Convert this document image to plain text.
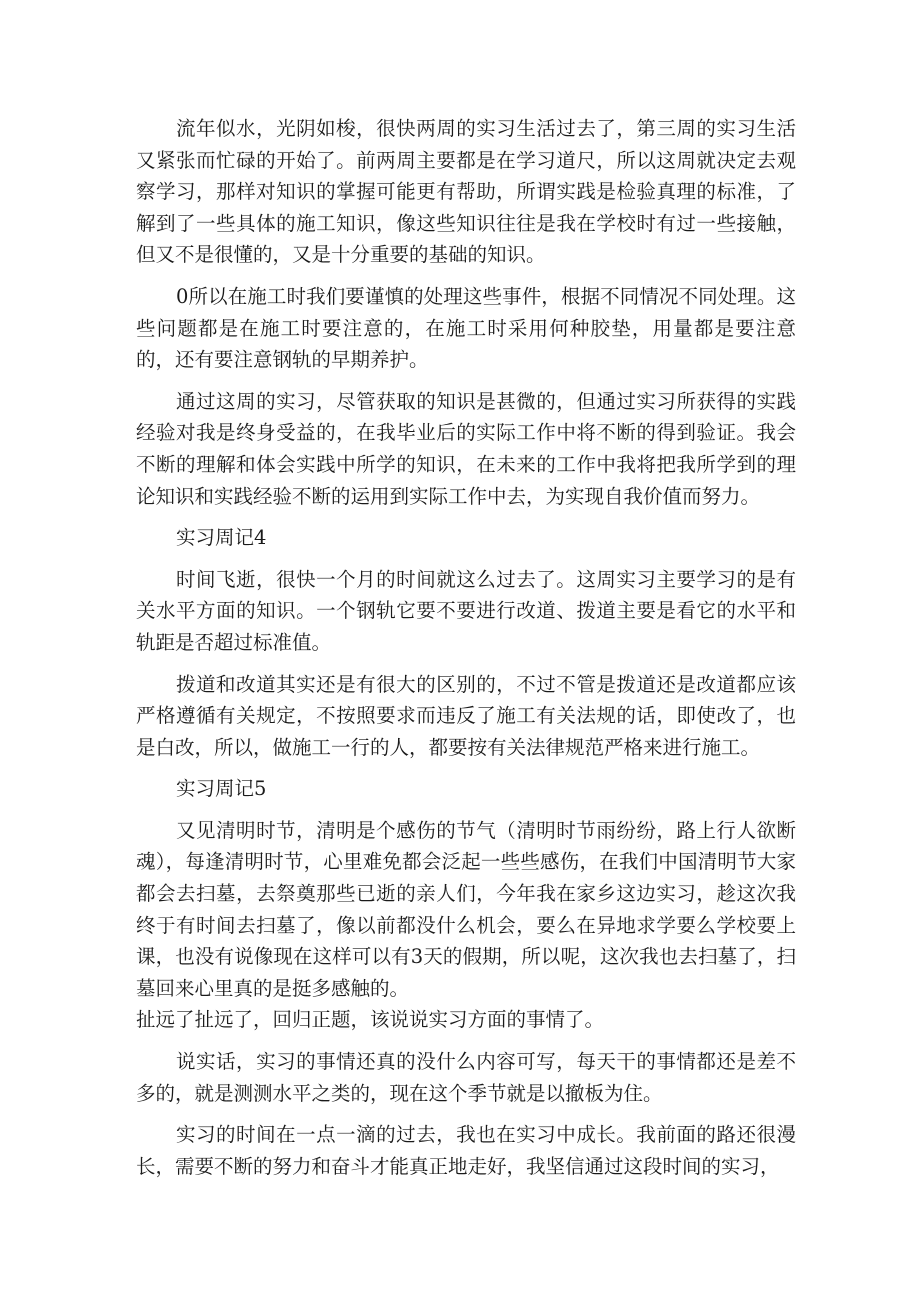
流年似水，光阴如梭，很快两周的实习生活过去了，第三周的实习生活又紧张而忙碌的开始了。前两周主要都是在学习道尺，所以这周就决定去观察学习，那样对知识的掌握可能更有帮助，所谓实践是检验真理的标准，了解到了一些具体的施工知识，像这些知识往往是我在学校时有过一些接触，但又不是很懂的，又是十分重要的基础的知识。

0所以在施工时我们要谨慎的处理这些事件，根据不同情况不同处理。这些问题都是在施工时要注意的，在施工时采用何种胶垫，用量都是要注意的，还有要注意钢轨的早期养护。

通过这周的实习，尽管获取的知识是甚微的，但通过实习所获得的实践经验对我是终身受益的，在我毕业后的实际工作中将不断的得到验证。我会不断的理解和体会实践中所学的知识，在未来的工作中我将把我所学到的理论知识和实践经验不断的运用到实际工作中去，为实现自我价值而努力。

实习周记4

时间飞逝，很快一个月的时间就这么过去了。这周实习主要学习的是有关水平方面的知识。一个钢轨它要不要进行改道、拨道主要是看它的水平和轨距是否超过标准值。

拨道和改道其实还是有很大的区别的，不过不管是拨道还是改道都应该严格遵循有关规定，不按照要求而违反了施工有关法规的话，即使改了，也是白改，所以，做施工一行的人，都要按有关法律规范严格来进行施工。

实习周记5

又见清明时节，清明是个感伤的节气（清明时节雨纷纷，路上行人欲断魂），每逢清明时节，心里难免都会泛起一些些感伤，在我们中国清明节大家都会去扫墓，去祭奠那些已逝的亲人们，今年我在家乡这边实习，趁这次我终于有时间去扫墓了，像以前都没什么机会，要么在异地求学要么学校要上课，也没有说像现在这样可以有3天的假期，所以呢，这次我也去扫墓了，扫墓回来心里真的是挺多感触的。

扯远了扯远了，回归正题，该说说实习方面的事情了。

说实话，实习的事情还真的没什么内容可写，每天干的事情都还是差不多的，就是测测水平之类的，现在这个季节就是以撤板为住。

实习的时间在一点一滴的过去，我也在实习中成长。我前面的路还很漫长，需要不断的努力和奋斗才能真正地走好，我坚信通过这段时间的实习，
